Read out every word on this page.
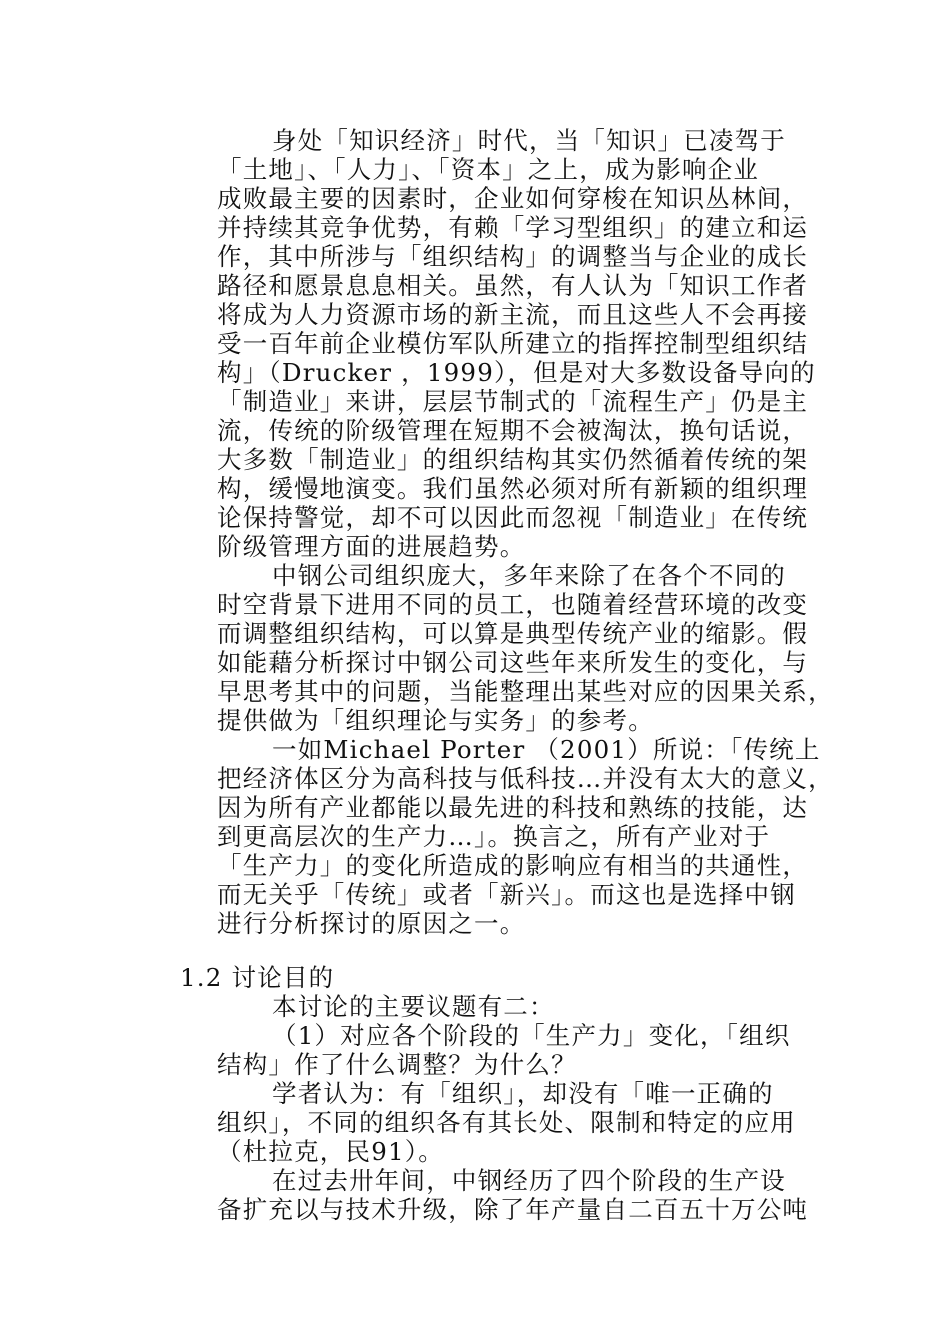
身处「知识经济」时代，当「知识」已凌驾于
「土地」、「人力」、「资本」之上，成为影响企业
成败最主要的因素时，企业如何穿梭在知识丛林间，
并持续其竞争优势，有赖「学习型组织」的建立和运
作，其中所涉与「组织结构」的调整当与企业的成长
路径和愿景息息相关。虽然，有人认为「知识工作者
将成为人力资源市场的新主流，而且这些人不会再接
受一百年前企业模仿军队所建立的指挥控制型组织结
构」（Drucker ，1999），但是对大多数设备导向的
「制造业」来讲，层层节制式的「流程生产」仍是主
流，传统的阶级管理在短期不会被淘汰，换句话说，
大多数「制造业」的组织结构其实仍然循着传统的架
构，缓慢地演变。我们虽然必须对所有新颖的组织理
论保持警觉，却不可以因此而忽视「制造业」在传统
阶级管理方面的进展趋势。
中钢公司组织庞大，多年来除了在各个不同的
时空背景下进用不同的员工，也随着经营环境的改变
而调整组织结构，可以算是典型传统产业的缩影。假
如能藉分析探讨中钢公司这些年来所发生的变化，与
早思考其中的问题，当能整理出某些对应的因果关系，
提供做为「组织理论与实务」的参考。
一如Michael Porter （2001）所说：「传统上
把经济体区分为高科技与低科技…并没有太大的意义，
因为所有产业都能以最先进的科技和熟练的技能，达
到更高层次的生产力…」。换言之，所有产业对于
「生产力」的变化所造成的影响应有相当的共通性，
而无关乎「传统」或者「新兴」。而这也是选择中钢
进行分析探讨的原因之一。
1.2 讨论目的
本讨论的主要议题有二：
（1）对应各个阶段的「生产力」变化，「组织
结构」作了什么调整？为什么？
学者认为：有「组织」，却没有「唯一正确的
组织」，不同的组织各有其长处、限制和特定的应用
（杜拉克，民91）。
在过去卅年间，中钢经历了四个阶段的生产设
备扩充以与技术升级，除了年产量自二百五十万公吨
